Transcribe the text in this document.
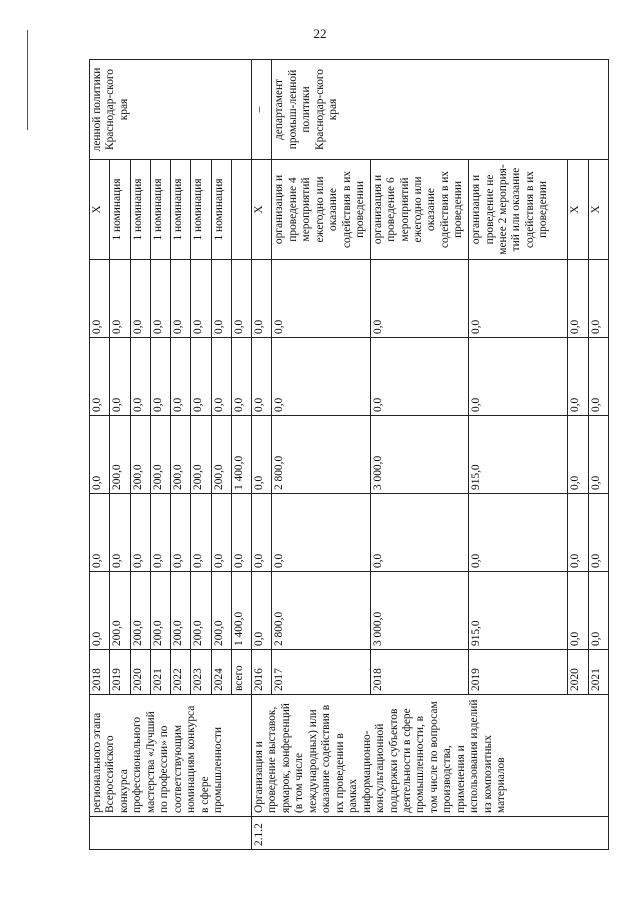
22
	регионального этапа Всероссийского конкурса профессионального мастерства «Лучший по профессии» по соответствующим номинациям конкурса в сфере промышленности	2018	0,0	0,0	0,0	0,0	0,0	X	ленной политики Краснодар-ского края
		2019	200,0	0,0	200,0	0,0	0,0	1 номинация	
		2020	200,0	0,0	200,0	0,0	0,0	1 номинация	
		2021	200,0	0,0	200,0	0,0	0,0	1 номинация	
		2022	200,0	0,0	200,0	0,0	0,0	1 номинация	
		2023	200,0	0,0	200,0	0,0	0,0	1 номинация	
		2024	200,0	0,0	200,0	0,0	0,0	1 номинация	
		всего	1 400,0	0,0	1 400,0	0,0	0,0		
2.1.2	Организация и проведение выставок, ярмарок, конференций (в том числе международных) или оказание содействия в их проведении в рамках информационно-консультационной поддержки субъектов деятельности в сфере промышленности, в том числе по вопросам производства, применения и использования изделий из композитных материалов	2016	0,0	0,0	0,0	0,0	0,0	X	–
		2017	2 800,0	0,0	2 800,0	0,0	0,0	организация и проведение 4 мероприятий ежегодно или оказание содействия в их проведении	департамент промыш-ленной политики Краснодар-ского края
		2018	3 000,0	0,0	3 000,0	0,0	0,0	организация и проведение 6 мероприятий ежегодно или оказание содействия в их проведении	
		2019	915,0	0,0	915,0	0,0	0,0	организация и проведение не менее 2 мероприя-тий или оказание содействия в их проведении	
		2020	0,0	0,0	0,0	0,0	0,0	X	
		2021	0,0	0,0	0,0	0,0	0,0	X	
